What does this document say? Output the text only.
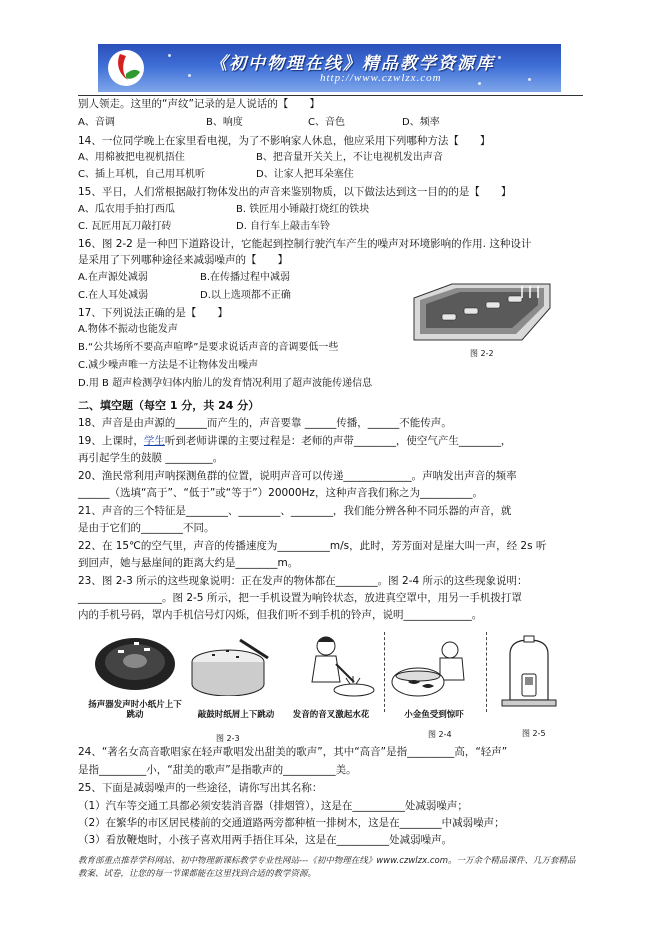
《初中物理在线》精品教学资源库
http://www.czwlzx.com
别人领走。这里的“声纹”记录的是人说话的【　　】
A、音调	B、响度	C、音色	D、频率
14、一位同学晚上在家里看电视，为了不影响家人休息，他应采用下列哪种方法【　　】
A、用棉被把电视机捂住	B、把音量开关关上，不让电视机发出声音
C、插上耳机，自己用耳机听	D、让家人把耳朵塞住
15、平日，人们常根据敲打物体发出的声音来鉴别物质，以下做法达到这一目的的是【　　】
A、瓜农用手拍打西瓜	B. 铁匠用小锤敲打烧红的铁块
C. 瓦匠用瓦刀敲打砖	D. 自行车上敲击车铃
16、图 2-2 是一种凹下道路设计，它能起到控制行驶汽车产生的噪声对环境影响的作用. 这种设计
是采用了下列哪种途径来减弱噪声的【　　】
A.在声源处减弱	B.在传播过程中减弱
C.在人耳处减弱	D.以上选项都不正确
图 2-2
17、下列说法正确的是【　　】
A.物体不振动也能发声
B.“公共场所不要高声喧哗”是要求说话声音的音调要低一些
C.减少噪声唯一方法是不让物体发出噪声
D.用 B 超声检测孕妇体内胎儿的发育情况利用了超声波能传递信息
二、填空题（每空 1 分，共 24 分）
18、声音是由声源的______而产生的，声音要靠 ______传播，______不能传声。
19、上课时，学生听到老师讲课的主要过程是：老师的声带________，使空气产生________，
再引起学生的鼓膜 _________。
20、渔民常利用声呐探测鱼群的位置，说明声音可以传递_____________。声呐发出声音的频率
______（选填“高于”、“低于”或“等于”）20000Hz，这种声音我们称之为__________。
21、声音的三个特征是________、________、________，我们能分辨各种不同乐器的声音，就
是由于它们的________不同。
22、在 15℃的空气里，声音的传播速度为__________m/s，此时，芳芳面对是崖大叫一声，经 2s 听
到回声，她与悬崖间的距离大约是________m。
23、图 2-3 所示的这些现象说明：正在发声的物体都在________。图 2-4 所示的这些现象说明：
________________。图 2-5 所示，把一手机设置为响铃状态，放进真空罩中，用另一手机拨打罩
内的手机号码，罩内手机信号灯闪烁，但我们听不到手机的铃声，说明_____________。
扬声器发声时小纸片上下跳动	敲鼓时纸屑上下跳动	发音的音叉激起水花	小金鱼受到惊吓
图 2-3	图 2-4	图 2-5
24、“著名女高音歌唱家在轻声歌唱发出甜美的歌声”，其中“高音”是指_________高，“轻声”
是指_________小，“甜美的歌声”是指歌声的__________美。
25、下面是减弱噪声的一些途径，请你写出其名称：
（1）汽车等交通工具都必须安装消音器（排烟管），这是在__________处减弱噪声；
（2）在繁华的市区居民楼前的交通道路两旁都种植一排树木，这是在________中减弱噪声；
（3）看放鞭炮时，小孩子喜欢用两手捂住耳朵，这是在__________处减弱噪声。
教育部重点推荐学科网站、初中物理新课标教学专业性网站---《初中物理在线》www.czwlzx.com。一万余个精品课件、几万套精品教案、试卷，让您的每一节课都能在这里找到合适的教学资源。
